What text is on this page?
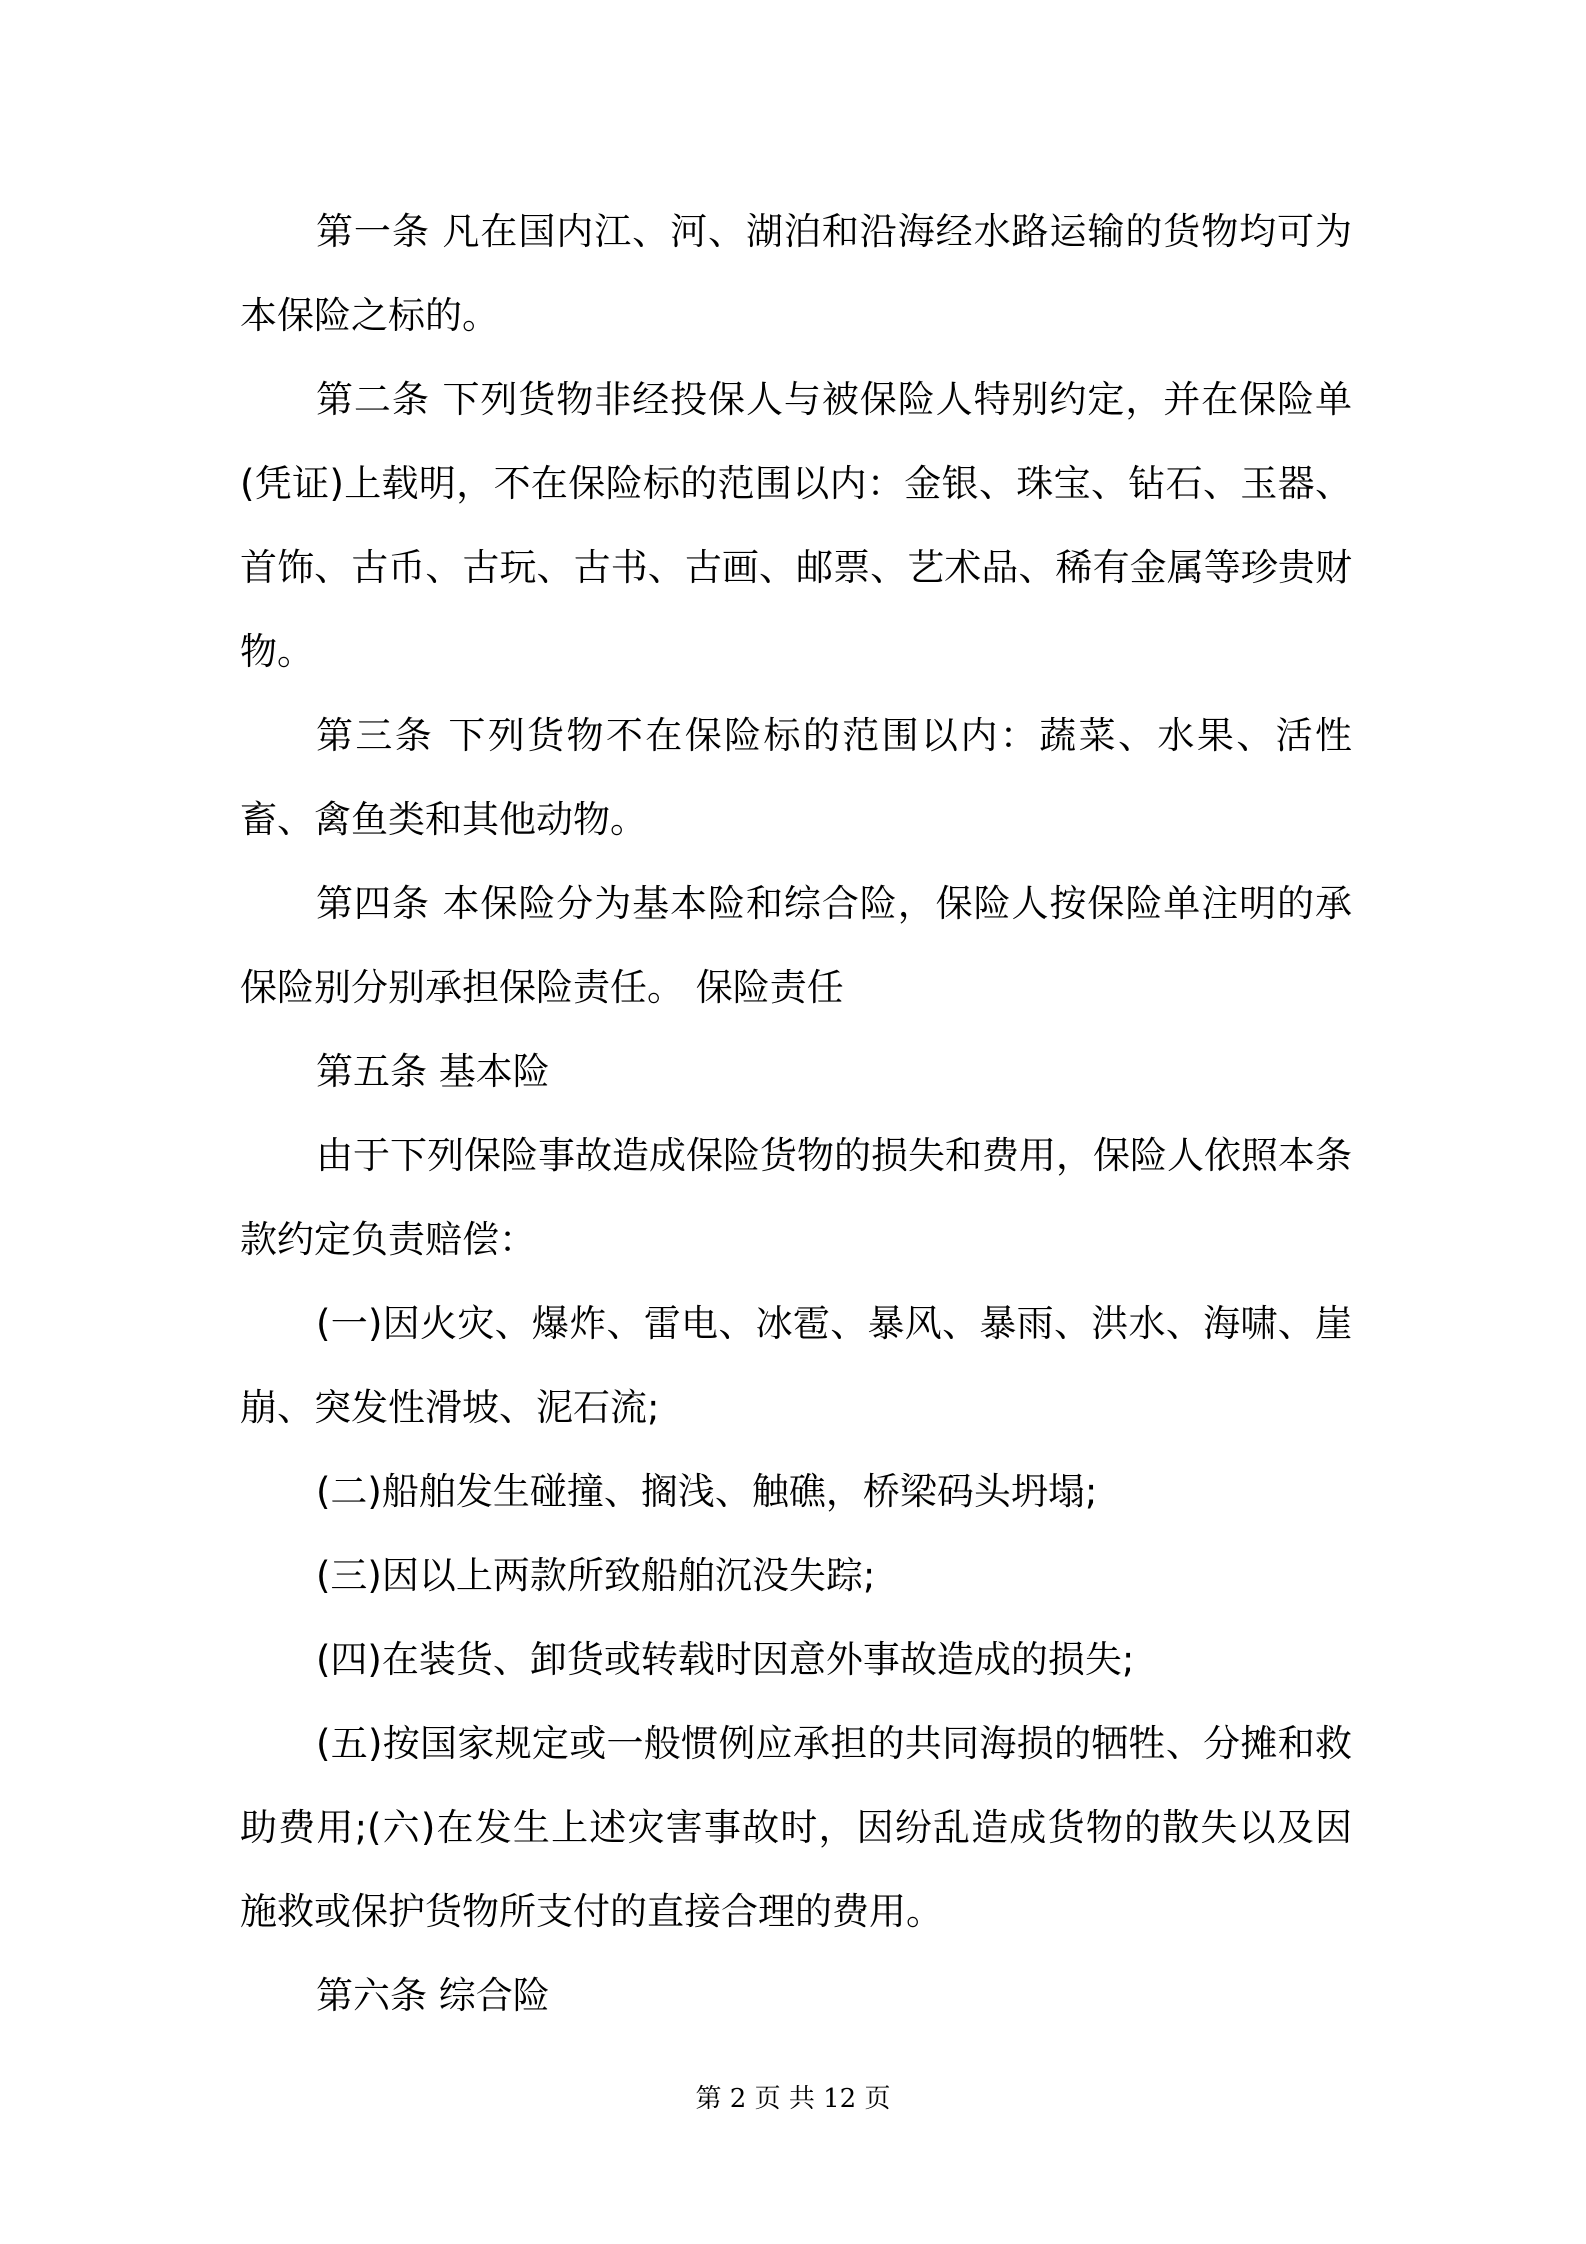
第一条 凡在国内江、河、湖泊和沿海经水路运输的货物均可为本保险之标的。

第二条 下列货物非经投保人与被保险人特别约定，并在保险单(凭证)上载明，不在保险标的范围以内：金银、珠宝、钻石、玉器、首饰、古币、古玩、古书、古画、邮票、艺术品、稀有金属等珍贵财物。

第三条 下列货物不在保险标的范围以内：蔬菜、水果、活性畜、禽鱼类和其他动物。

第四条 本保险分为基本险和综合险，保险人按保险单注明的承保险别分别承担保险责任。 保险责任

第五条 基本险

由于下列保险事故造成保险货物的损失和费用，保险人依照本条款约定负责赔偿：

(一)因火灾、爆炸、雷电、冰雹、暴风、暴雨、洪水、海啸、崖崩、突发性滑坡、泥石流;

(二)船舶发生碰撞、搁浅、触礁，桥梁码头坍塌;

(三)因以上两款所致船舶沉没失踪;

(四)在装货、卸货或转载时因意外事故造成的损失;

(五)按国家规定或一般惯例应承担的共同海损的牺牲、分摊和救助费用;(六)在发生上述灾害事故时，因纷乱造成货物的散失以及因施救或保护货物所支付的直接合理的费用。

第六条 综合险

第 2 页 共 12 页
